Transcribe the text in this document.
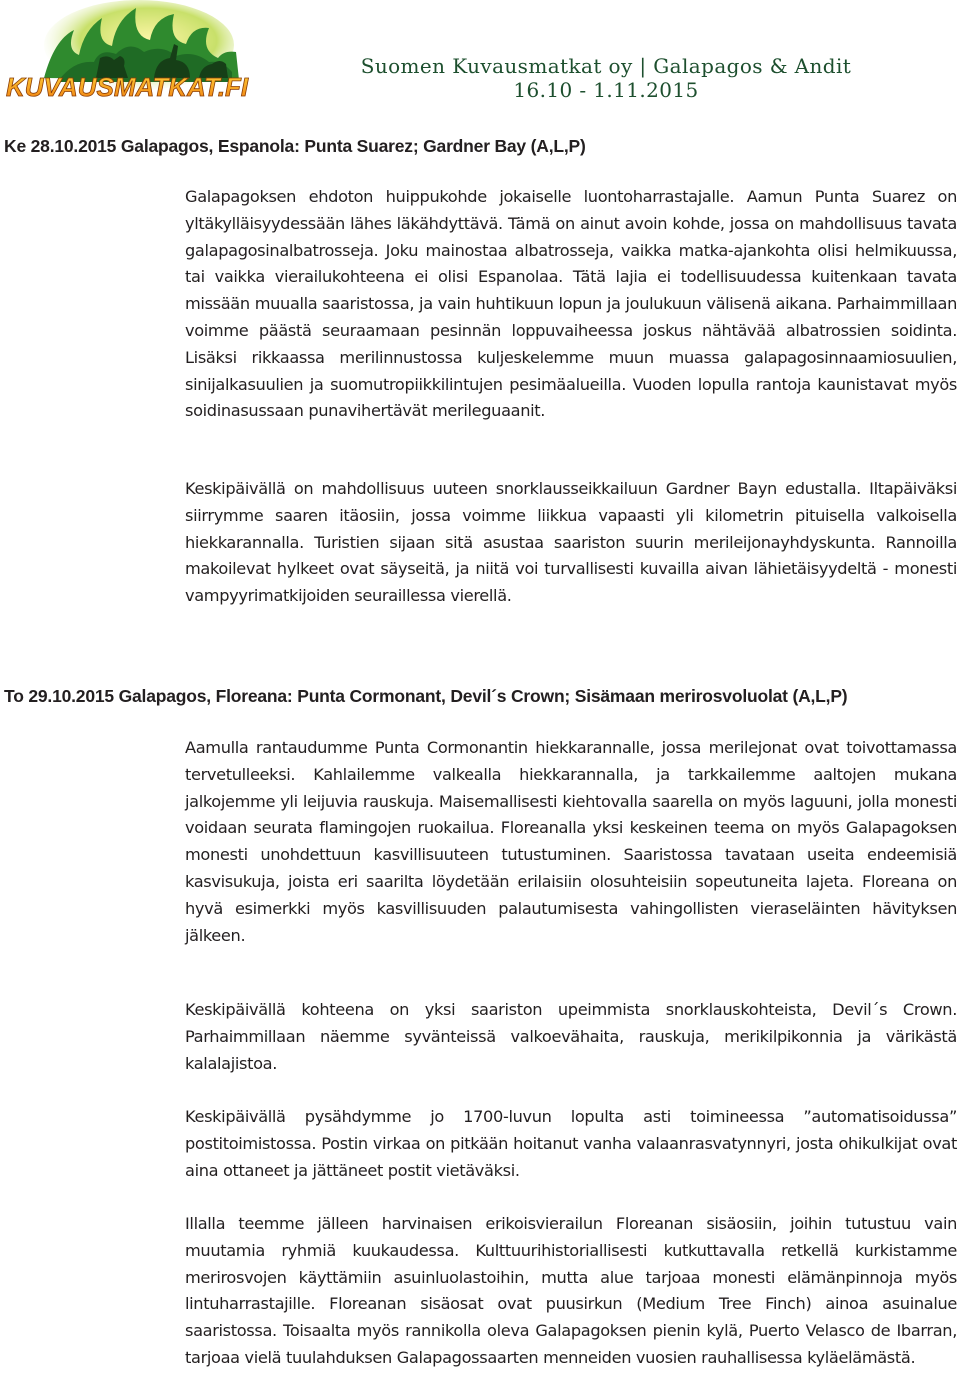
KUVAUSMATKAT.FI
Suomen Kuvausmatkat oy | Galapagos & Andit
16.10 - 1.11.2015
Ke 28.10.2015 Galapagos, Espanola: Punta Suarez; Gardner Bay (A,L,P)

Galapagoksen ehdoton huippukohde jokaiselle luontoharrastajalle. Aamun Punta Suarez on yltäkylläisyydessään lähes läkähdyttävä. Tämä on ainut avoin kohde, jossa on mahdollisuus tavata galapagosinalbatrosseja. Joku mainostaa albatrosseja, vaikka matka-ajankohta olisi helmikuussa, tai vaikka vierailukohteena ei olisi Espanolaa. Tätä lajia ei todellisuudessa kuitenkaan tavata missään muualla saaristossa, ja vain huhtikuun lopun ja joulukuun välisenä aikana. Parhaimmillaan voimme päästä seuraamaan pesinnän loppuvaiheessa joskus nähtävää albatrossien soidinta. Lisäksi rikkaassa merilinnustossa kuljeskelemme muun muassa galapagosinnaamiosuulien, sinijalkasuulien ja suomutropiikkilintujen pesimäalueilla. Vuoden lopulla rantoja kaunistavat myös soidinasussaan punavihertävät merileguaanit.

Keskipäivällä on mahdollisuus uuteen snorklausseikkailuun Gardner Bayn edustalla. Iltapäiväksi siirrymme saaren itäosiin, jossa voimme liikkua vapaasti yli kilometrin pituisella valkoisella hiekkarannalla. Turistien sijaan sitä asustaa saariston suurin merileijonayhdyskunta. Rannoilla makoilevat hylkeet ovat säyseitä, ja niitä voi turvallisesti kuvailla aivan lähietäisyydeltä - monesti vampyyrimatkijoiden seuraillessa vierellä.

To 29.10.2015 Galapagos, Floreana: Punta Cormonant, Devil´s Crown; Sisämaan merirosvoluolat (A,L,P)

Aamulla rantaudumme Punta Cormonantin hiekkarannalle, jossa merilejonat ovat toivottamassa tervetulleeksi. Kahlailemme valkealla hiekkarannalla, ja tarkkailemme aaltojen mukana jalkojemme yli leijuvia rauskuja. Maisemallisesti kiehtovalla saarella on myös laguuni, jolla monesti voidaan seurata flamingojen ruokailua. Floreanalla yksi keskeinen teema on myös Galapagoksen monesti unohdettuun kasvillisuuteen tutustuminen. Saaristossa tavataan useita endeemisiä kasvisukuja, joista eri saarilta löydetään erilaisiin olosuhteisiin sopeutuneita lajeta. Floreana on hyvä esimerkki myös kasvillisuuden palautumisesta vahingollisten vieraseläinten hävityksen jälkeen.

Keskipäivällä kohteena on yksi saariston upeimmista snorklauskohteista, Devil´s Crown. Parhaimmillaan näemme syvänteissä valkoevähaita, rauskuja, merikilpikonnia ja värikästä kalalajistoa.

Keskipäivällä pysähdymme jo 1700-luvun lopulta asti toimineessa ”automatisoidussa” postitoimistossa. Postin virkaa on pitkään hoitanut vanha valaanrasvatynnyri, josta ohikulkijat ovat aina ottaneet ja jättäneet postit vietäväksi.

Illalla teemme jälleen harvinaisen erikoisvierailun Floreanan sisäosiin, joihin tutustuu vain muutamia ryhmiä kuukaudessa. Kulttuurihistoriallisesti kutkuttavalla retkellä kurkistamme merirosvojen käyttämiin asuinluolastoihin, mutta alue tarjoaa monesti elämänpinnoja myös lintuharrastajille. Floreanan sisäosat ovat puusirkun (Medium Tree Finch) ainoa asuinalue saaristossa. Toisaalta myös rannikolla oleva Galapagoksen pienin kylä, Puerto Velasco de Ibarran, tarjoaa vielä tuulahduksen Galapagossaarten menneiden vuosien rauhallisessa kyläelämästä.
